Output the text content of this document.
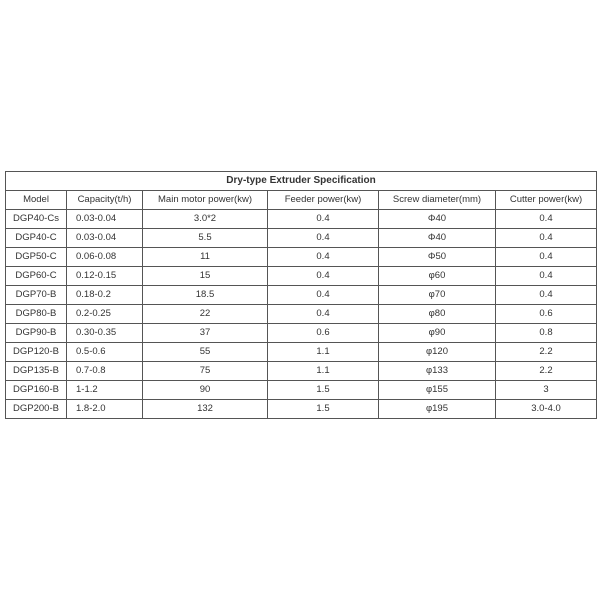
Dry-type Extruder Specification					
Model	Capacity(t/h)	Main motor power(kw)	Feeder power(kw)	Screw diameter(mm)	Cutter power(kw)
DGP40-Cs	0.03-0.04	3.0*2	0.4	Φ40	0.4
DGP40-C	0.03-0.04	5.5	0.4	Φ40	0.4
DGP50-C	0.06-0.08	11	0.4	Φ50	0.4
DGP60-C	0.12-0.15	15	0.4	φ60	0.4
DGP70-B	0.18-0.2	18.5	0.4	φ70	0.4
DGP80-B	0.2-0.25	22	0.4	φ80	0.6
DGP90-B	0.30-0.35	37	0.6	φ90	0.8
DGP120-B	0.5-0.6	55	1.1	φ120	2.2
DGP135-B	0.7-0.8	75	1.1	φ133	2.2
DGP160-B	1-1.2	90	1.5	φ155	3
DGP200-B	1.8-2.0	132	1.5	φ195	3.0-4.0
